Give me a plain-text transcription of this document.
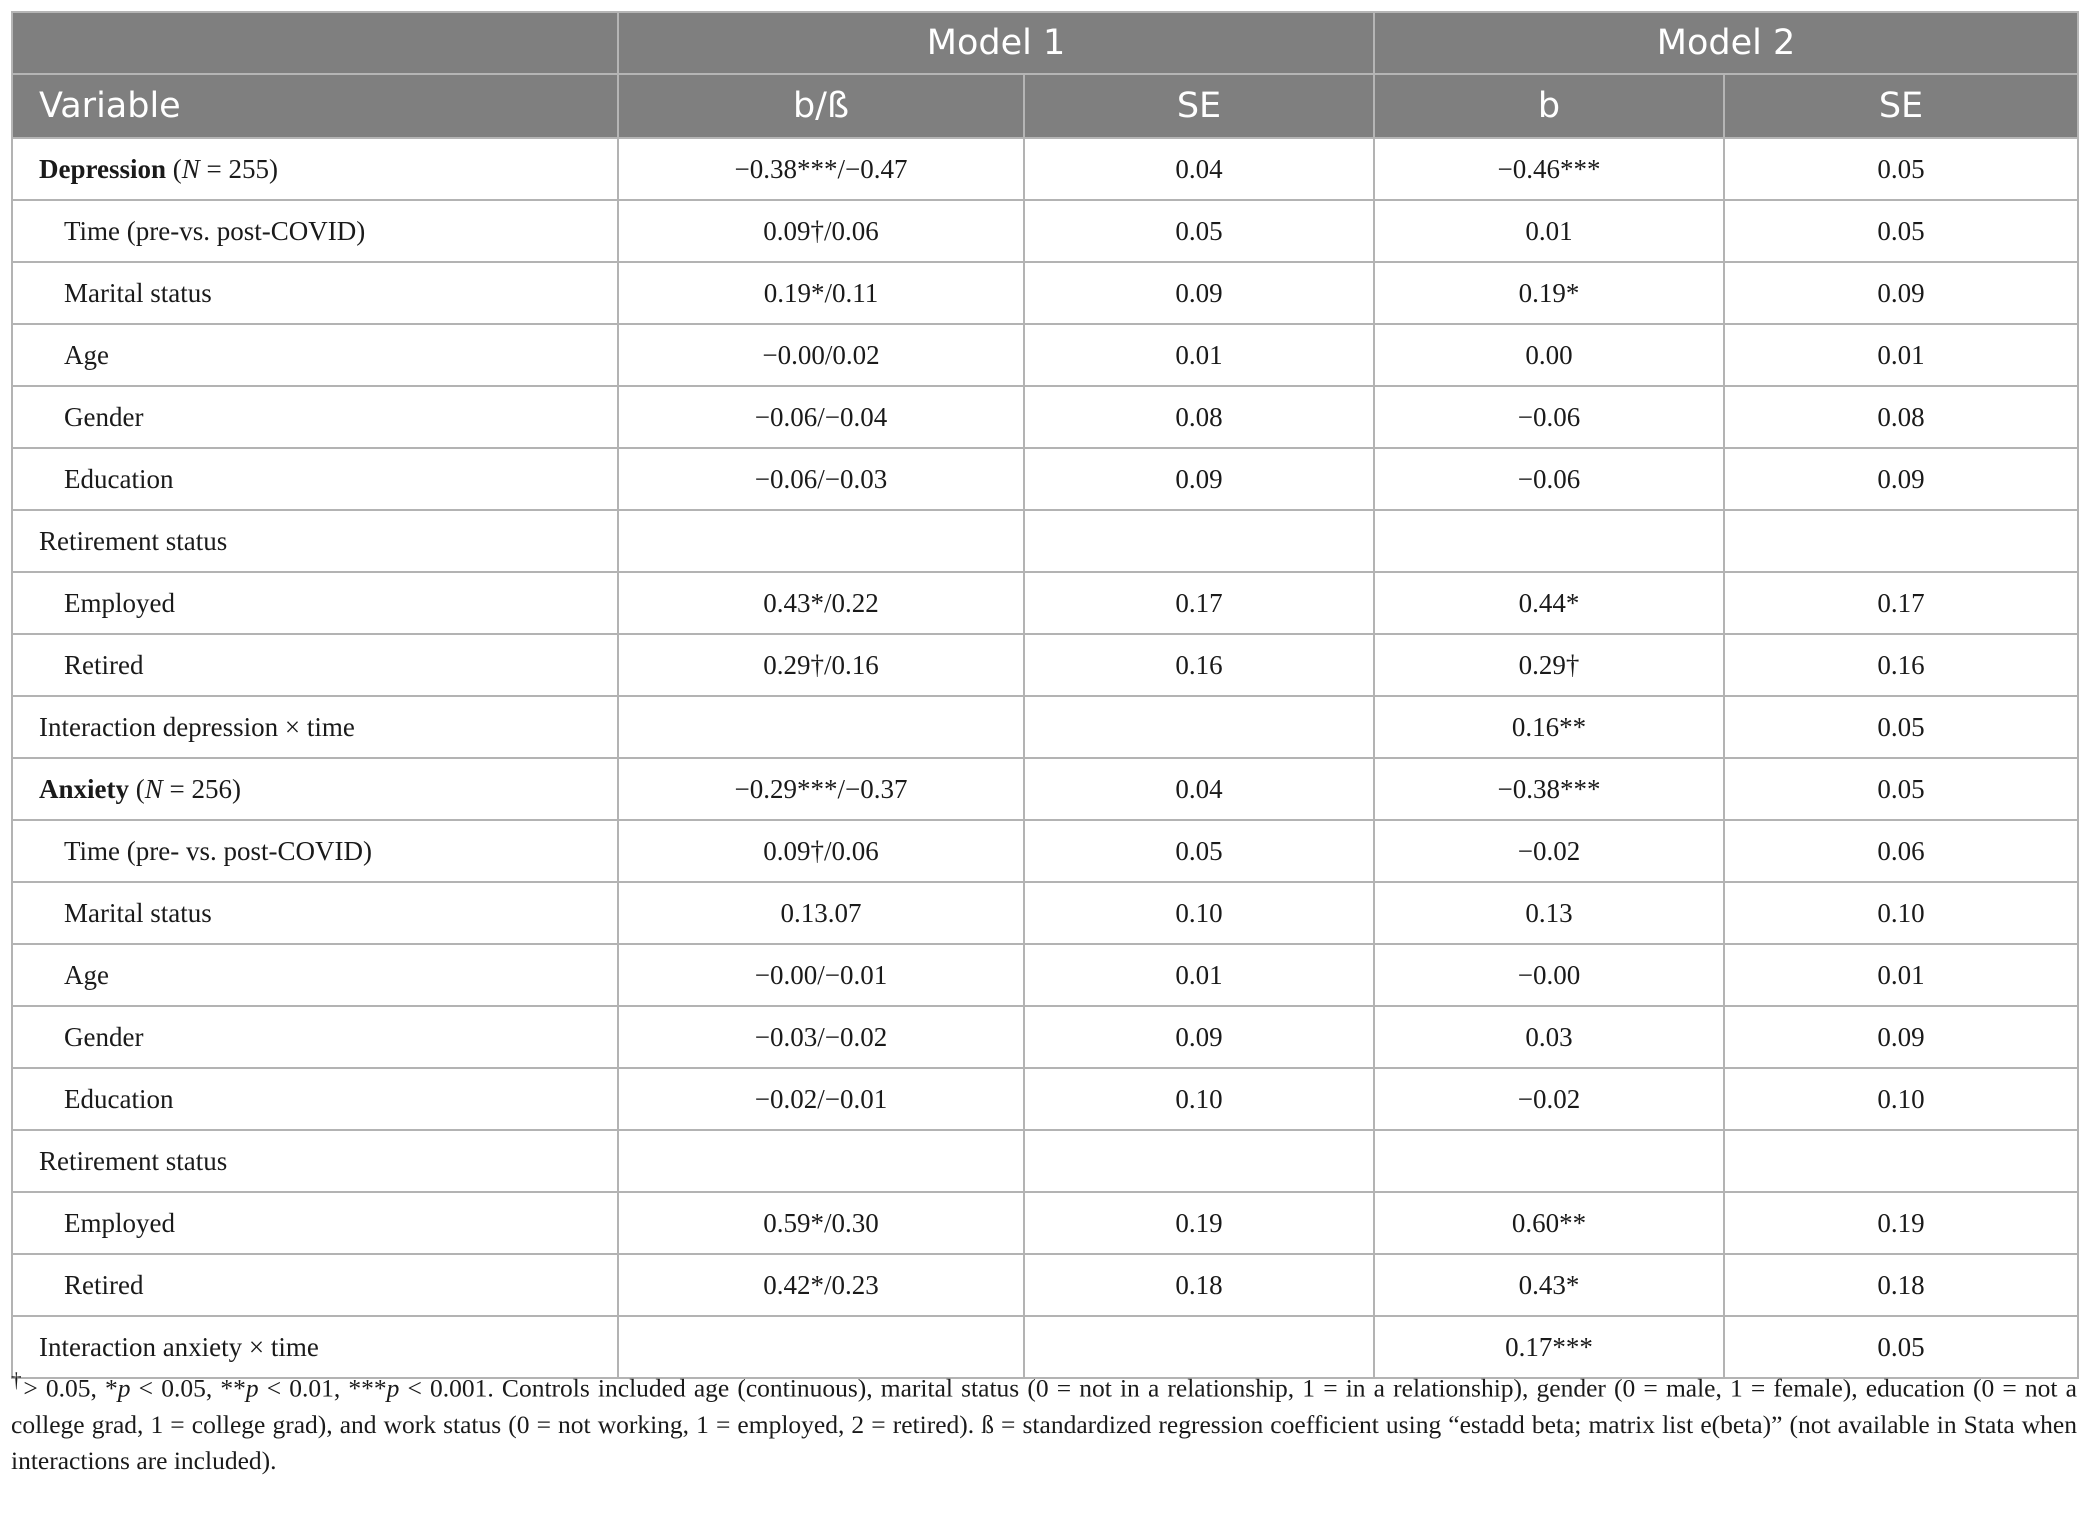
	Model 1		Model 2	
Variable	b/ß	SE	b	SE
Depression (N = 255)	−0.38***/−0.47	0.04	−0.46***	0.05
Time (pre-vs. post-COVID)	0.09†/0.06	0.05	0.01	0.05
Marital status	0.19*/0.11	0.09	0.19*	0.09
Age	−0.00/0.02	0.01	0.00	0.01
Gender	−0.06/−0.04	0.08	−0.06	0.08
Education	−0.06/−0.03	0.09	−0.06	0.09
Retirement status				
Employed	0.43*/0.22	0.17	0.44*	0.17
Retired	0.29†/0.16	0.16	0.29†	0.16
Interaction depression × time			0.16**	0.05
Anxiety (N = 256)	−0.29***/−0.37	0.04	−0.38***	0.05
Time (pre- vs. post-COVID)	0.09†/0.06	0.05	−0.02	0.06
Marital status	0.13.07	0.10	0.13	0.10
Age	−0.00/−0.01	0.01	−0.00	0.01
Gender	−0.03/−0.02	0.09	0.03	0.09
Education	−0.02/−0.01	0.10	−0.02	0.10
Retirement status				
Employed	0.59*/0.30	0.19	0.60**	0.19
Retired	0.42*/0.23	0.18	0.43*	0.18
Interaction anxiety × time			0.17***	0.05
†> 0.05, *p < 0.05, **p < 0.01, ***p < 0.001. Controls included age (continuous), marital status (0 = not in a relationship, 1 = in a relationship), gender (0 = male, 1 = female), education (0 = not a college grad, 1 = college grad), and work status (0 = not working, 1 = employed, 2 = retired). ß = standardized regression coefficient using “estadd beta; matrix list e(beta)” (not available in Stata when interactions are included).
